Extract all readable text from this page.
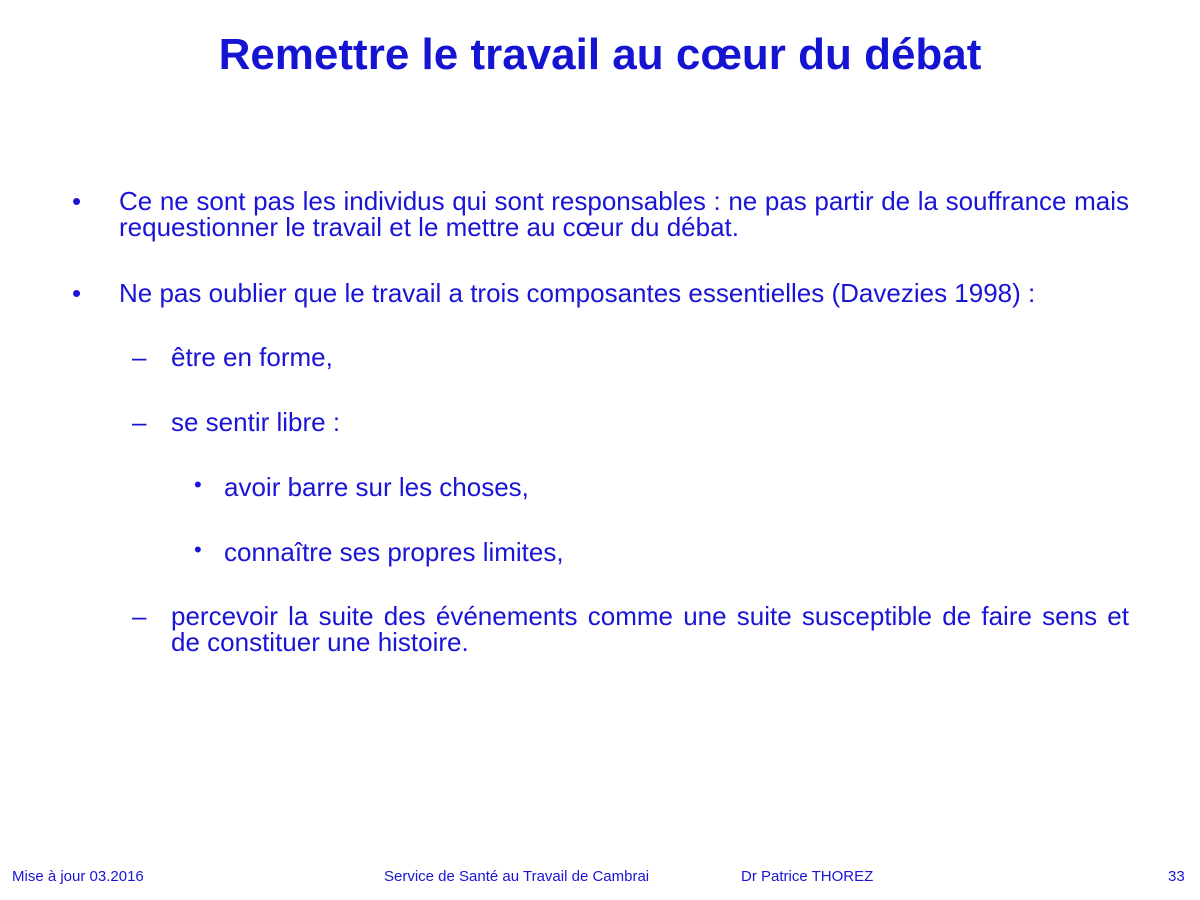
Remettre le travail au cœur du débat
• Ce ne sont pas les individus qui sont responsables : ne pas partir de la souffrance mais requestionner le travail et le mettre au cœur du débat.
• Ne pas oublier que le travail a trois composantes essentielles (Davezies 1998) :
– être en forme,
– se sentir libre :
• avoir barre sur les choses,
• connaître ses propres limites,
– percevoir la suite des événements comme une suite susceptible de faire sens et de constituer une histoire.
Mise à jour 03.2016	Service de Santé au Travail de Cambrai	Dr Patrice THOREZ	33
